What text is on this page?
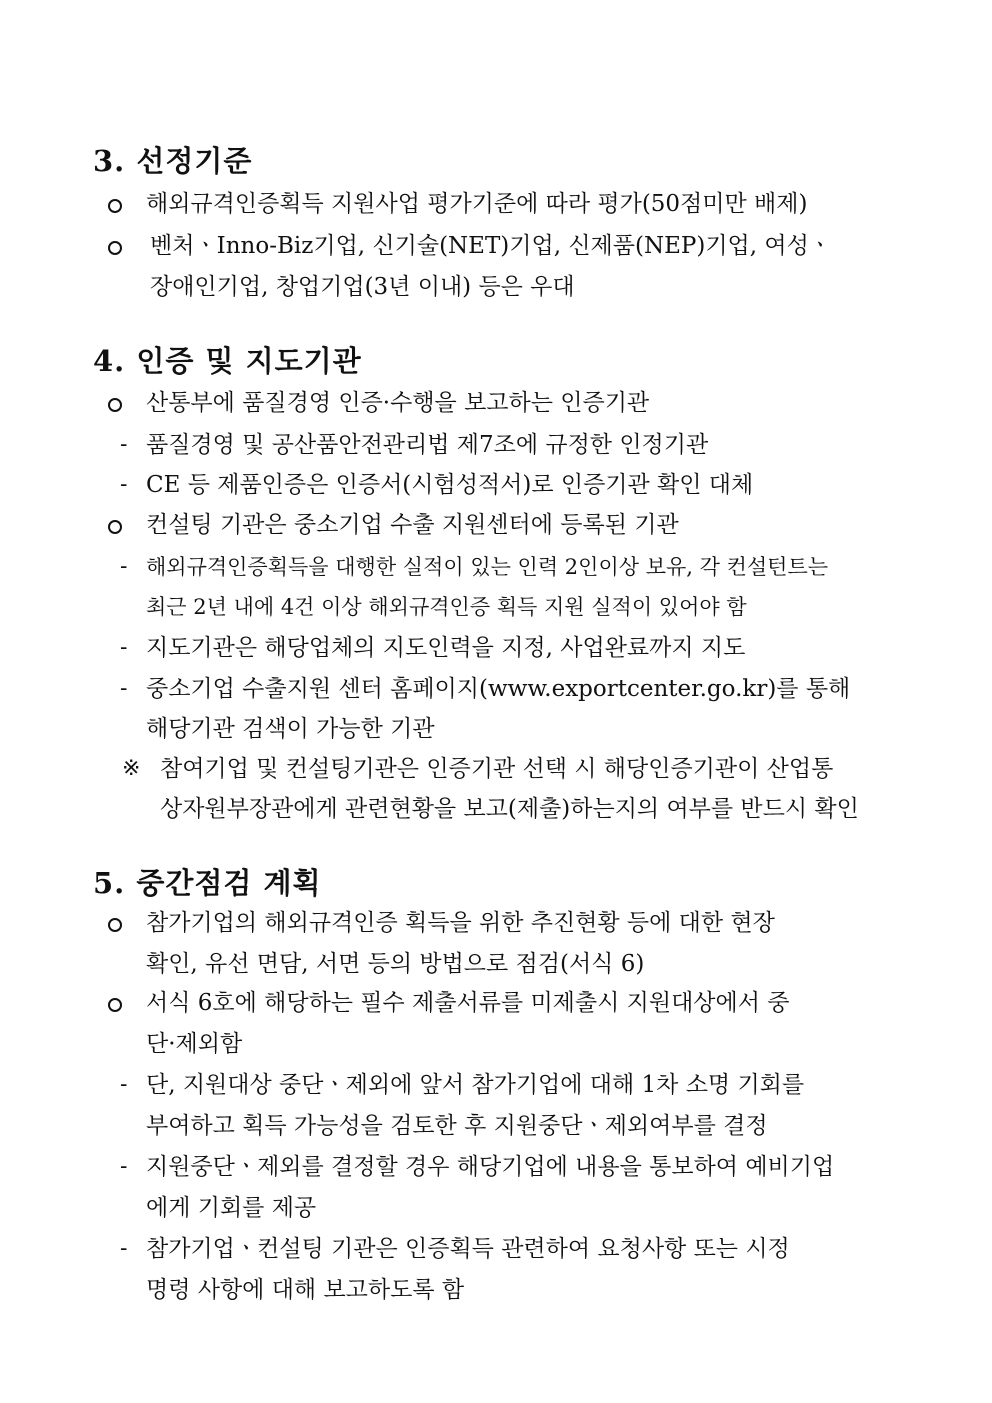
3. 선정기준
해외규격인증획득 지원사업 평가기준에 따라 평가(50점미만 배제)
벤처ㆍInno-Biz기업, 신기술(NET)기업, 신제품(NEP)기업, 여성ㆍ
장애인기업, 창업기업(3년 이내) 등은 우대
4. 인증 및 지도기관
산통부에 품질경영 인증·수행을 보고하는 인증기관
- 품질경영 및 공산품안전관리법 제7조에 규정한 인정기관
- CE 등 제품인증은 인증서(시험성적서)로 인증기관 확인 대체
컨설팅 기관은 중소기업 수출 지원센터에 등록된 기관
- 해외규격인증획득을 대행한 실적이 있는 인력 2인이상 보유, 각 컨설턴트는
최근 2년 내에 4건 이상 해외규격인증 획득 지원 실적이 있어야 함
- 지도기관은 해당업체의 지도인력을 지정, 사업완료까지 지도
- 중소기업 수출지원 센터 홈페이지(www.exportcenter.go.kr)를 통해
해당기관 검색이 가능한 기관
※ 참여기업 및 컨설팅기관은 인증기관 선택 시 해당인증기관이 산업통
상자원부장관에게 관련현황을 보고(제출)하는지의 여부를 반드시 확인
5. 중간점검 계획
참가기업의 해외규격인증 획득을 위한 추진현황 등에 대한 현장
확인, 유선 면담, 서면 등의 방법으로 점검(서식 6)
서식 6호에 해당하는 필수 제출서류를 미제출시 지원대상에서 중
단·제외함
- 단, 지원대상 중단ㆍ제외에 앞서 참가기업에 대해 1차 소명 기회를
부여하고 획득 가능성을 검토한 후 지원중단ㆍ제외여부를 결정
- 지원중단ㆍ제외를 결정할 경우 해당기업에 내용을 통보하여 예비기업
에게 기회를 제공
- 참가기업ㆍ컨설팅 기관은 인증획득 관련하여 요청사항 또는 시정
명령 사항에 대해 보고하도록 함
